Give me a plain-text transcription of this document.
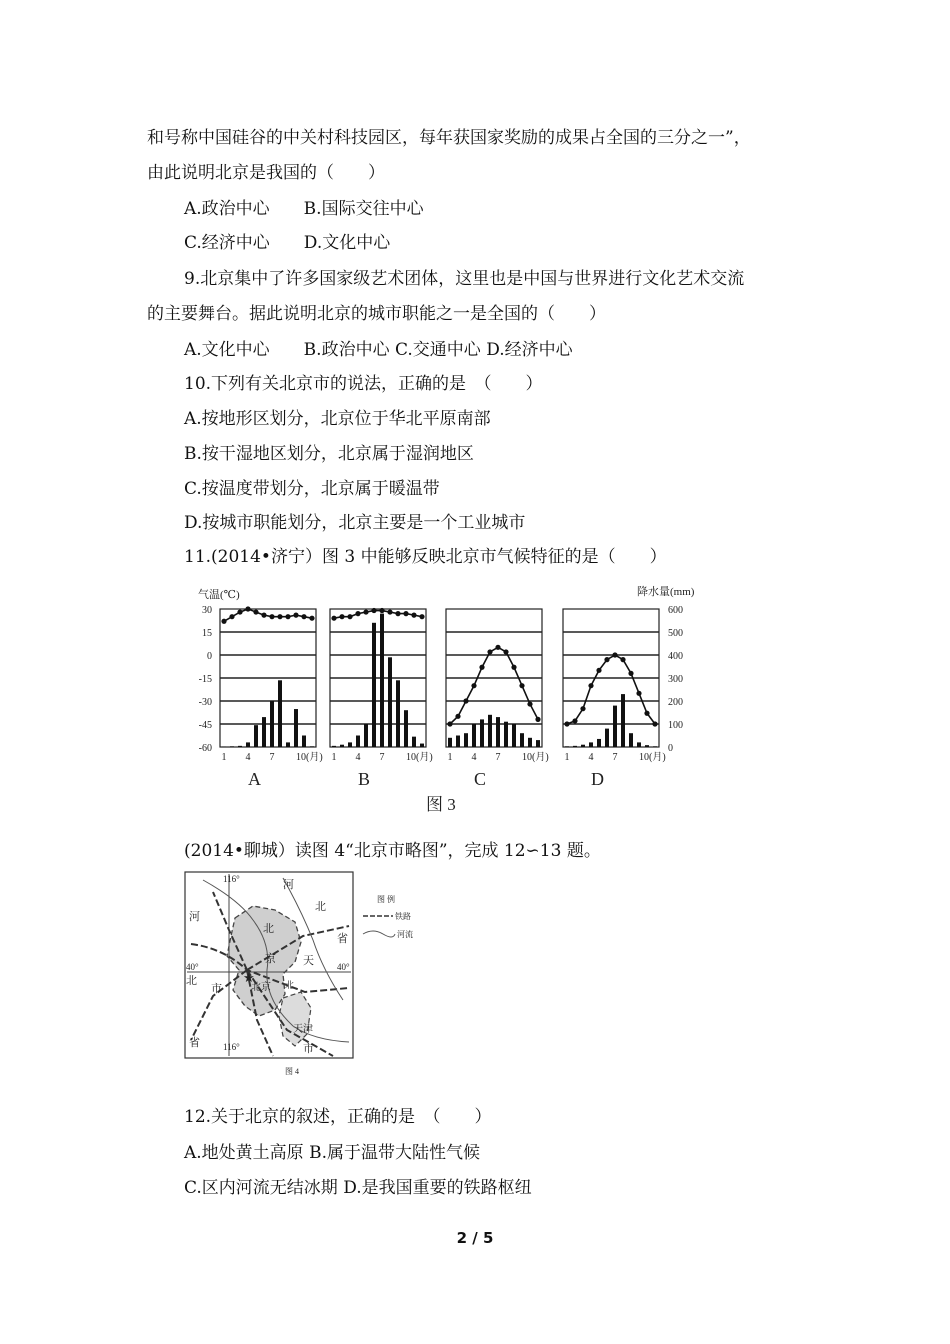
和号称中国硅谷的中关村科技园区，每年获国家奖励的成果占全国的三分之一”，
由此说明北京是我国的（　　）
A.政治中心　　B.国际交往中心
C.经济中心　　D.文化中心
9.北京集中了许多国家级艺术团体，这里也是中国与世界进行文化艺术交流
的主要舞台。据此说明北京的城市职能之一是全国的（　　）
A.文化中心　　B.政治中心 C.交通中心 D.经济中心
10.下列有关北京市的说法，正确的是　（　　）
A.按地形区划分，北京位于华北平原南部
B.按干湿地区划分，北京属于湿润地区
C.按温度带划分，北京属于暖温带
D.按城市职能划分，北京主要是一个工业城市
11.(2014•济宁）图 3 中能够反映北京市气候特征的是（　　）
气温(℃)	降水量(mm)
30
15
0
-15
-30
-45
-60
600
500
400
300
200
100
0
1 4 7 10(月)
A
1 4 7 10(月)
B
1 4 7 10(月)
C
1 4 7 10(月)
D
图 3
(2014•聊城）读图 4“北京市略图”，完成 12∽13 题。
★
116°
116°
40°	40°
河
北
河
省
北
京 天
北
市	北京
天津
省	市
北
图 例
铁路
河流
图 4
12.关于北京的叙述，正确的是　（　　）
A.地处黄土高原 B.属于温带大陆性气候
C.区内河流无结冰期 D.是我国重要的铁路枢纽
2 / 5
